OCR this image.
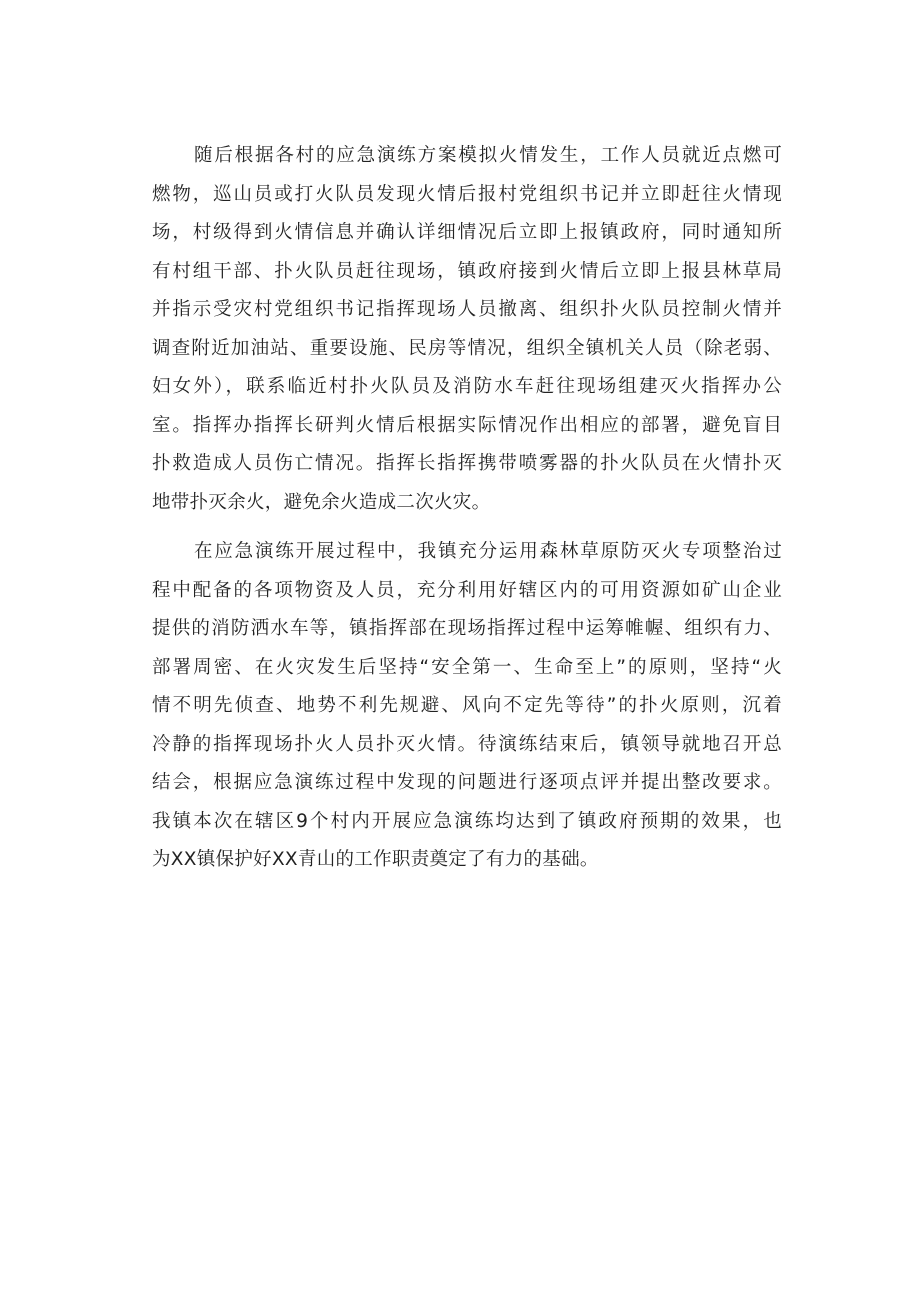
随后根据各村的应急演练方案模拟火情发生，工作人员就近点燃可
燃物，巡山员或打火队员发现火情后报村党组织书记并立即赶往火情现
场，村级得到火情信息并确认详细情况后立即上报镇政府，同时通知所
有村组干部、扑火队员赶往现场，镇政府接到火情后立即上报县林草局
并指示受灾村党组织书记指挥现场人员撤离、组织扑火队员控制火情并
调查附近加油站、重要设施、民房等情况，组织全镇机关人员（除老弱、
妇女外），联系临近村扑火队员及消防水车赶往现场组建灭火指挥办公
室。指挥办指挥长研判火情后根据实际情况作出相应的部署，避免盲目
扑救造成人员伤亡情况。指挥长指挥携带喷雾器的扑火队员在火情扑灭
地带扑灭余火，避免余火造成二次火灾。
在应急演练开展过程中，我镇充分运用森林草原防灭火专项整治过
程中配备的各项物资及人员，充分利用好辖区内的可用资源如矿山企业
提供的消防洒水车等，镇指挥部在现场指挥过程中运筹帷幄、组织有力、
部署周密、在火灾发生后坚持“安全第一、生命至上”的原则，坚持“火
情不明先侦查、地势不利先规避、风向不定先等待”的扑火原则，沉着
冷静的指挥现场扑火人员扑灭火情。待演练结束后，镇领导就地召开总
结会，根据应急演练过程中发现的问题进行逐项点评并提出整改要求。
我镇本次在辖区9个村内开展应急演练均达到了镇政府预期的效果，也
为XX镇保护好XX青山的工作职责奠定了有力的基础。
